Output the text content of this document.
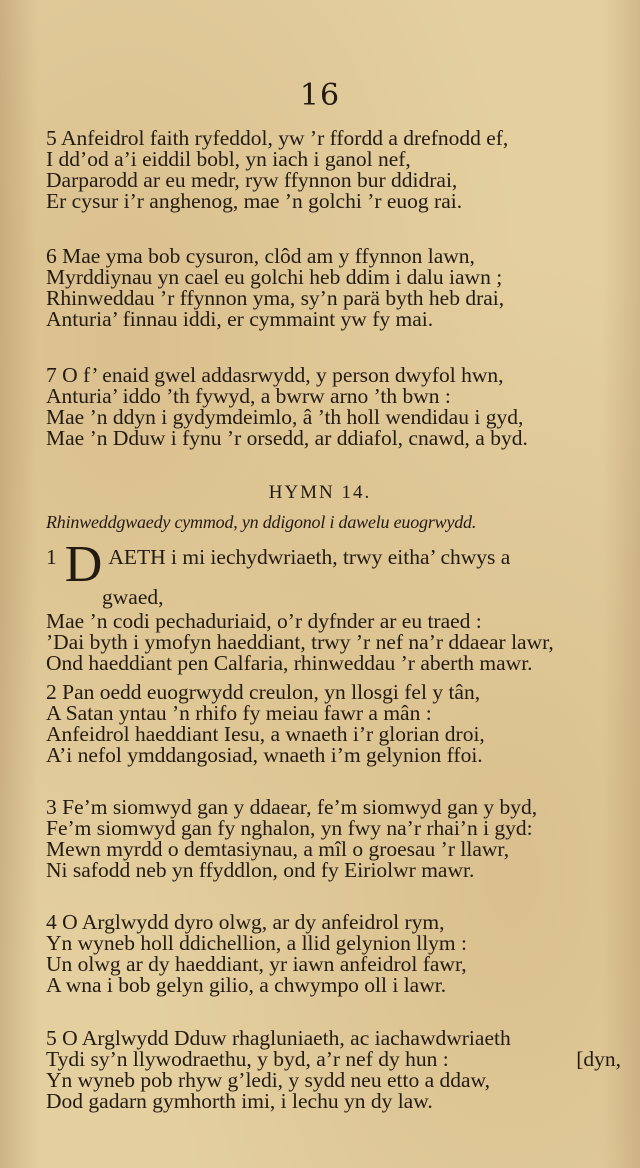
16
5 Anfeidrol faith ryfeddol, yw ’r ffordd a drefnodd ef,
I dd’od a’i eiddil bobl, yn iach i ganol nef,
Darparodd ar eu medr, ryw ffynnon bur ddidrai,
Er cysur i’r anghenog, mae ’n golchi ’r euog rai.
6 Mae yma bob cysuron, clôd am y ffynnon lawn,
Myrddiynau yn cael eu golchi heb ddim i dalu iawn ;
Rhinweddau ’r ffynnon yma, sy’n parä byth heb drai,
Anturia’ finnau iddi, er cymmaint yw fy mai.
7 O f’ enaid gwel addasrwydd, y person dwyfol hwn,
Anturia’ iddo ’th fywyd, a bwrw arno ’th bwn :
Mae ’n ddyn i gydymdeimlo, â ’th holl wendidau i gyd,
Mae ’n Dduw i fynu ’r orsedd, ar ddiafol, cnawd, a byd.
HYMN 14.
Rhinweddgwaedy cymmod, yn ddigonol i dawelu euogrwydd.
1 D AETH i mi iechydwriaeth, trwy eitha’ chwys a
gwaed,
Mae ’n codi pechaduriaid, o’r dyfnder ar eu traed :
’Dai byth i ymofyn haeddiant, trwy ’r nef na’r ddaear lawr,
Ond haeddiant pen Calfaria, rhinweddau ’r aberth mawr.
2 Pan oedd euogrwydd creulon, yn llosgi fel y tân,
A Satan yntau ’n rhifo fy meiau fawr a mân :
Anfeidrol haeddiant Iesu, a wnaeth i’r glorian droi,
A’i nefol ymddangosiad, wnaeth i’m gelynion ffoi.
3 Fe’m siomwyd gan y ddaear, fe’m siomwyd gan y byd,
Fe’m siomwyd gan fy nghalon, yn fwy na’r rhai’n i gyd:
Mewn myrdd o demtasiynau, a mîl o groesau ’r llawr,
Ni safodd neb yn ffyddlon, ond fy Eiriolwr mawr.
4 O Arglwydd dyro olwg, ar dy anfeidrol rym,
Yn wyneb holl ddichellion, a llid gelynion llym :
Un olwg ar dy haeddiant, yr iawn anfeidrol fawr,
A wna i bob gelyn gilio, a chwympo oll i lawr.
5 O Arglwydd Dduw rhagluniaeth, ac iachawdwriaeth
Tydi sy’n llywodraethu, y byd, a’r nef dy hun :	[dyn,
Yn wyneb pob rhyw g’ledi, y sydd neu etto a ddaw,
Dod gadarn gymhorth imi, i lechu yn dy law.
